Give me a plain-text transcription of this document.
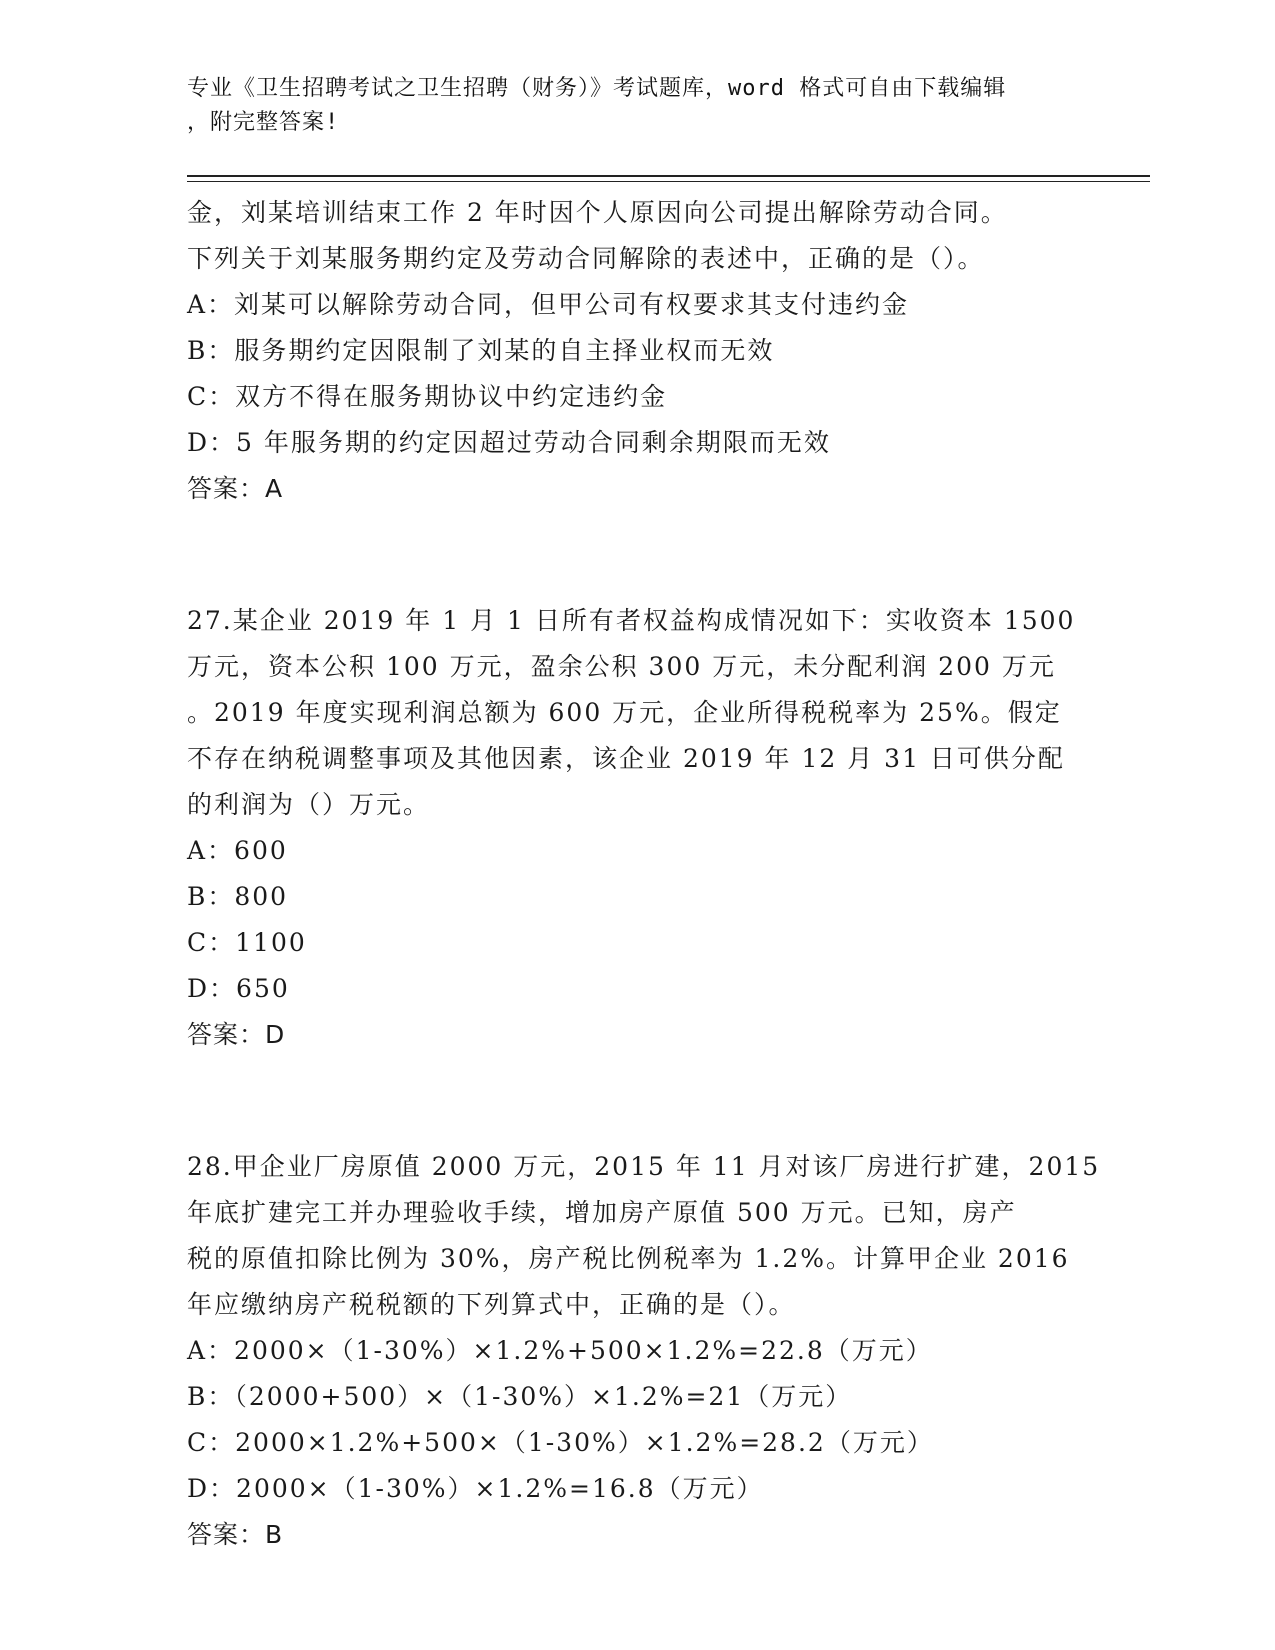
专业《卫生招聘考试之卫生招聘（财务）》考试题库，word 格式可自由下载编辑
，附完整答案!
金，刘某培训结束工作 2 年时因个人原因向公司提出解除劳动合同。
下列关于刘某服务期约定及劳动合同解除的表述中，正确的是（）。
A：刘某可以解除劳动合同，但甲公司有权要求其支付违约金
B：服务期约定因限制了刘某的自主择业权而无效
C：双方不得在服务期协议中约定违约金
D：5 年服务期的约定因超过劳动合同剩余期限而无效
答案：A
27.某企业 2019 年 1 月 1 日所有者权益构成情况如下：实收资本 1500
万元，资本公积 100 万元，盈余公积 300 万元，未分配利润 200 万元
。2019 年度实现利润总额为 600 万元，企业所得税税率为 25%。假定
不存在纳税调整事项及其他因素，该企业 2019 年 12 月 31 日可供分配
的利润为（）万元。
A：600
B：800
C：1100
D：650
答案：D
28.甲企业厂房原值 2000 万元，2015 年 11 月对该厂房进行扩建，2015
年底扩建完工并办理验收手续，增加房产原值 500 万元。已知，房产
税的原值扣除比例为 30%，房产税比例税率为 1.2%。计算甲企业 2016
年应缴纳房产税税额的下列算式中，正确的是（）。
A：2000×（1-30%）×1.2%+500×1.2%=22.8（万元）
B：（2000+500）×（1-30%）×1.2%=21（万元）
C：2000×1.2%+500×（1-30%）×1.2%=28.2（万元）
D：2000×（1-30%）×1.2%=16.8（万元）
答案：B
